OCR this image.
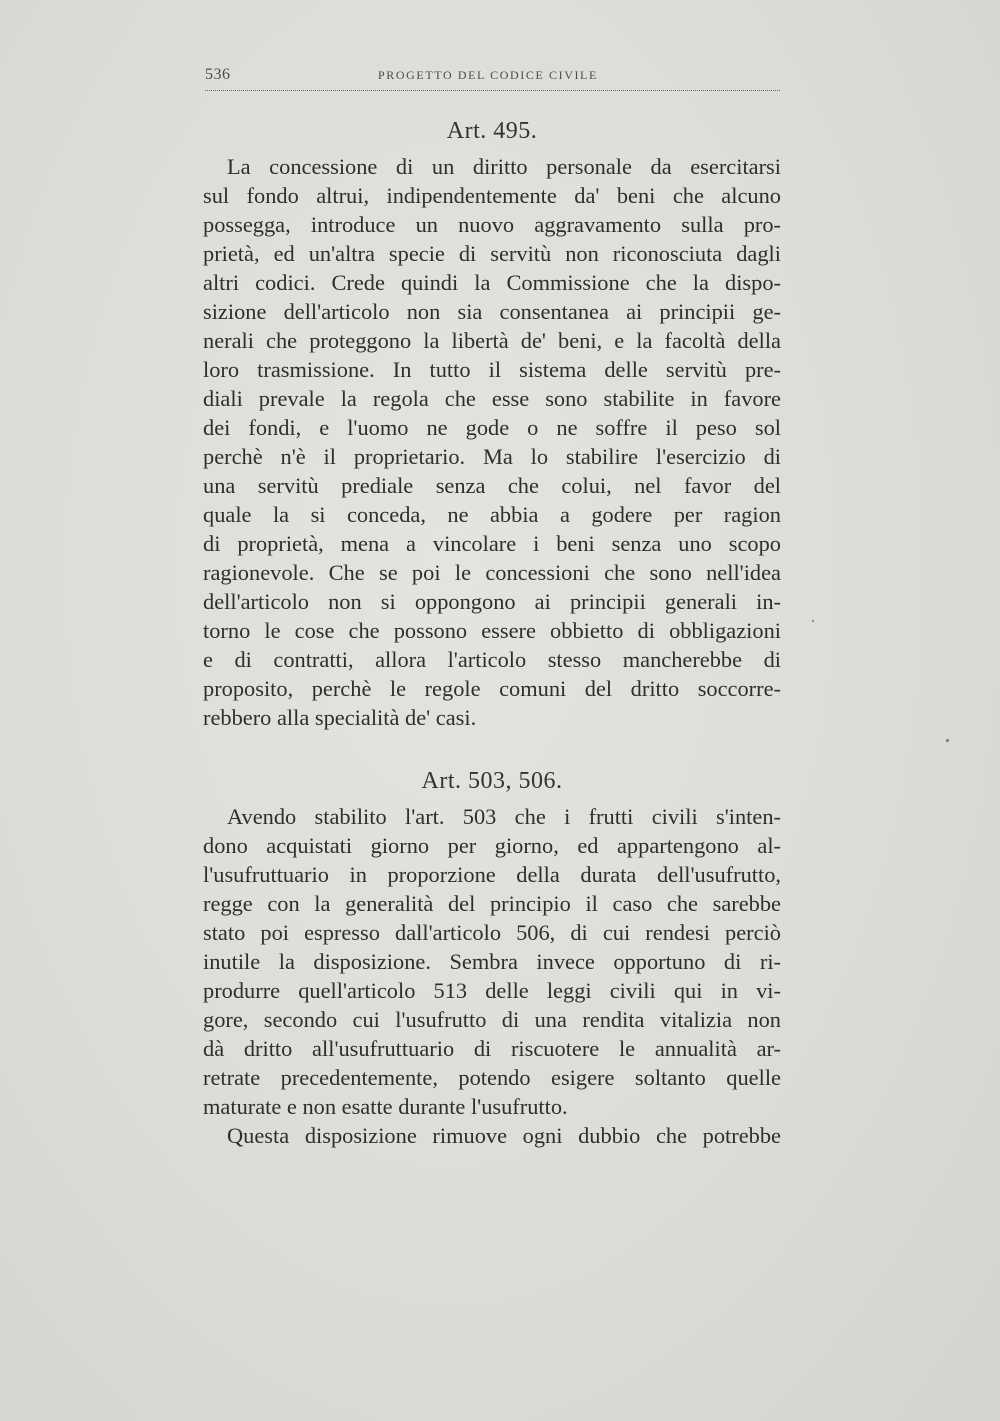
536	PROGETTO DEL CODICE CIVILE
Art. 495.
La concessione di un diritto personale da esercitarsi
sul fondo altrui, indipendentemente da' beni che alcuno
possegga, introduce un nuovo aggravamento sulla pro-
prietà, ed un'altra specie di servitù non riconosciuta dagli
altri codici. Crede quindi la Commissione che la dispo-
sizione dell'articolo non sia consentanea ai principii ge-
nerali che proteggono la libertà de' beni, e la facoltà della
loro trasmissione. In tutto il sistema delle servitù pre-
diali prevale la regola che esse sono stabilite in favore
dei fondi, e l'uomo ne gode o ne soffre il peso sol
perchè n'è il proprietario. Ma lo stabilire l'esercizio di
una servitù prediale senza che colui, nel favor del
quale la si conceda, ne abbia a godere per ragion
di proprietà, mena a vincolare i beni senza uno scopo
ragionevole. Che se poi le concessioni che sono nell'idea
dell'articolo non si oppongono ai principii generali in-
torno le cose che possono essere obbietto di obbligazioni
e di contratti, allora l'articolo stesso mancherebbe di
proposito, perchè le regole comuni del dritto soccorre-
rebbero alla specialità de' casi.
Art. 503, 506.
Avendo stabilito l'art. 503 che i frutti civili s'inten-
dono acquistati giorno per giorno, ed appartengono al-
l'usufruttuario in proporzione della durata dell'usufrutto,
regge con la generalità del principio il caso che sarebbe
stato poi espresso dall'articolo 506, di cui rendesi perciò
inutile la disposizione. Sembra invece opportuno di ri-
produrre quell'articolo 513 delle leggi civili qui in vi-
gore, secondo cui l'usufrutto di una rendita vitalizia non
dà dritto all'usufruttuario di riscuotere le annualità ar-
retrate precedentemente, potendo esigere soltanto quelle
maturate e non esatte durante l'usufrutto.
Questa disposizione rimuove ogni dubbio che potrebbe
